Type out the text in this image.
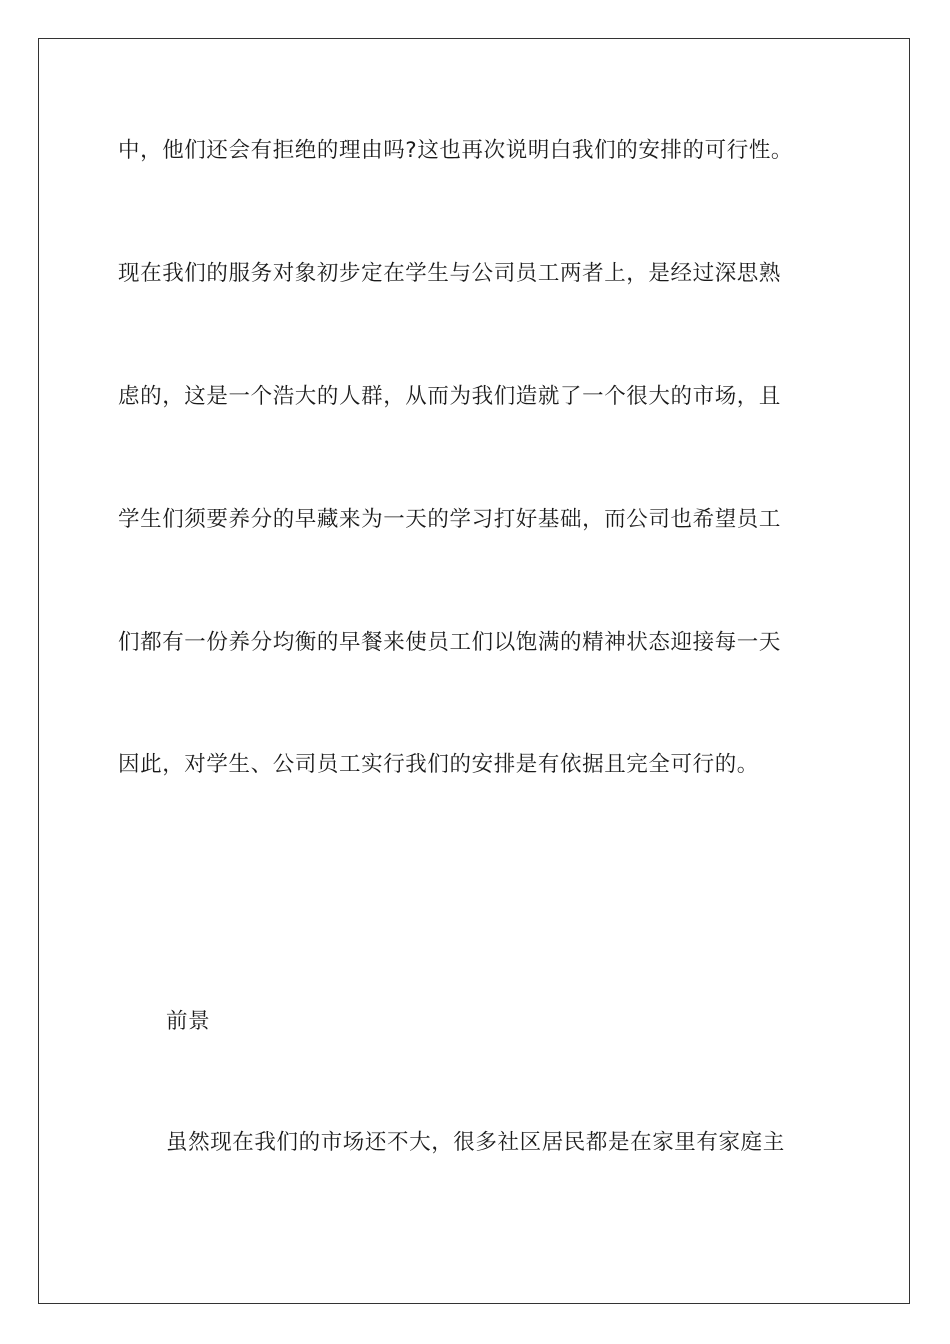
中，他们还会有拒绝的理由吗?这也再次说明白我们的安排的可行性。
现在我们的服务对象初步定在学生与公司员工两者上，是经过深思熟
虑的，这是一个浩大的人群，从而为我们造就了一个很大的市场，且
学生们须要养分的早藏来为一天的学习打好基础，而公司也希望员工
们都有一份养分均衡的早餐来使员工们以饱满的精神状态迎接每一天
因此，对学生、公司员工实行我们的安排是有依据且完全可行的。
前景
虽然现在我们的市场还不大，很多社区居民都是在家里有家庭主
